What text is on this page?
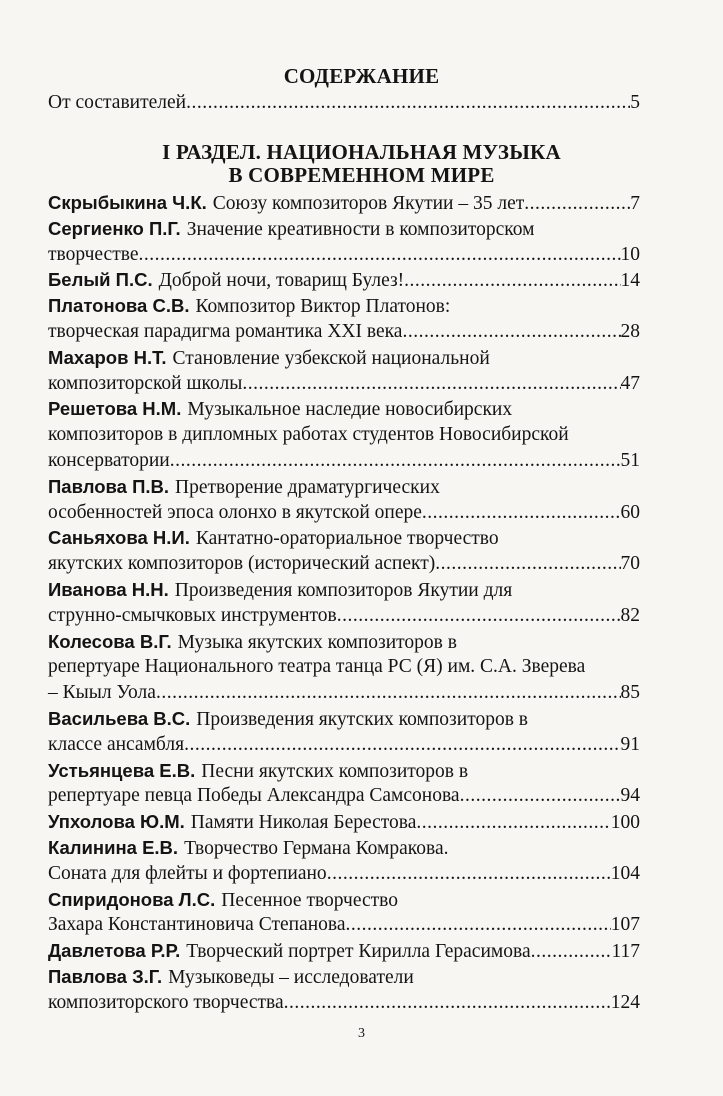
СОДЕРЖАНИЕ
От составителей .....	5
I РАЗДЕЛ. НАЦИОНАЛЬНАЯ МУЗЫКА
В СОВРЕМЕННОМ МИРЕ
Скрыбыкина Ч.К. Союзу композиторов Якутии – 35 лет .....	7
Сергиенко П.Г. Значение креативности в композиторском
творчестве .....	10
Белый П.С. Доброй ночи, товарищ Булез! .....	14
Платонова С.В. Композитор Виктор Платонов:
творческая парадигма романтика XXI века .....	28
Махаров Н.Т. Становление узбекской национальной
композиторской школы .....	47
Решетова Н.М. Музыкальное наследие новосибирских
композиторов в дипломных работах студентов Новосибирской
консерватории .....	51
Павлова П.В. Претворение драматургических
особенностей эпоса олонхо в якутской опере .....	60
Саньяхова Н.И. Кантатно-ораториальное творчество
якутских композиторов (исторический аспект) .....	70
Иванова Н.Н. Произведения композиторов Якутии для
струнно-смычковых инструментов .....	82
Колесова В.Г. Музыка якутских композиторов в
репертуаре Национального театра танца РС (Я) им. С.А. Зверева
– Кыыл Уола .....	85
Васильева В.С. Произведения якутских композиторов в
классе ансамбля .....	91
Устьянцева Е.В. Песни якутских композиторов в
репертуаре певца Победы Александра Самсонова .....	94
Упхолова Ю.М. Памяти Николая Берестова .....	100
Калинина Е.В. Творчество Германа Комракова.
Соната для флейты и фортепиано .....	104
Спиридонова Л.С. Песенное творчество
Захара Константиновича Степанова .....	107
Давлетова Р.Р. Творческий портрет Кирилла Герасимова .....	117
Павлова З.Г. Музыковеды – исследователи
композиторского творчества .....	124
3
